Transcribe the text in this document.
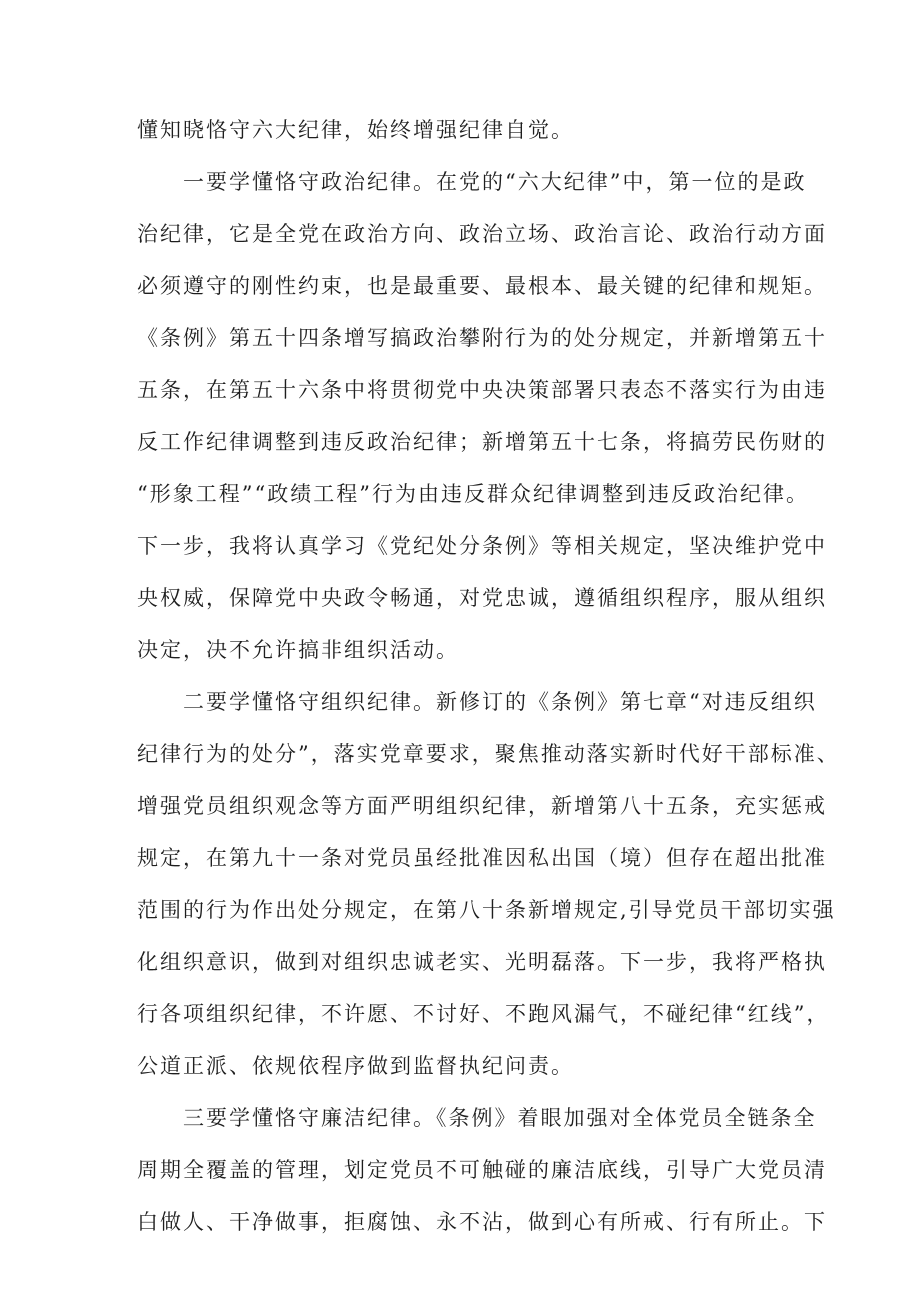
懂知晓恪守六大纪律，始终增强纪律自觉。
　　一要学懂恪守政治纪律。在党的“六大纪律”中，第一位的是政
治纪律，它是全党在政治方向、政治立场、政治言论、政治行动方面
必须遵守的刚性约束，也是最重要、最根本、最关键的纪律和规矩。
《条例》第五十四条增写搞政治攀附行为的处分规定，并新增第五十
五条，在第五十六条中将贯彻党中央决策部署只表态不落实行为由违
反工作纪律调整到违反政治纪律；新增第五十七条，将搞劳民伤财的
“形象工程”“政绩工程”行为由违反群众纪律调整到违反政治纪律。
下一步，我将认真学习《党纪处分条例》等相关规定，坚决维护党中
央权威，保障党中央政令畅通，对党忠诚，遵循组织程序，服从组织
决定，决不允许搞非组织活动。
　　二要学懂恪守组织纪律。新修订的《条例》第七章“对违反组织
纪律行为的处分”，落实党章要求，聚焦推动落实新时代好干部标准、
增强党员组织观念等方面严明组织纪律，新增第八十五条，充实惩戒
规定，在第九十一条对党员虽经批准因私出国（境）但存在超出批准
范围的行为作出处分规定，在第八十条新增规定,引导党员干部切实强
化组织意识，做到对组织忠诚老实、光明磊落。下一步，我将严格执
行各项组织纪律，不许愿、不讨好、不跑风漏气，不碰纪律“红线”，
公道正派、依规依程序做到监督执纪问责。
　　三要学懂恪守廉洁纪律。《条例》着眼加强对全体党员全链条全
周期全覆盖的管理，划定党员不可触碰的廉洁底线，引导广大党员清
白做人、干净做事，拒腐蚀、永不沾，做到心有所戒、行有所止。下
